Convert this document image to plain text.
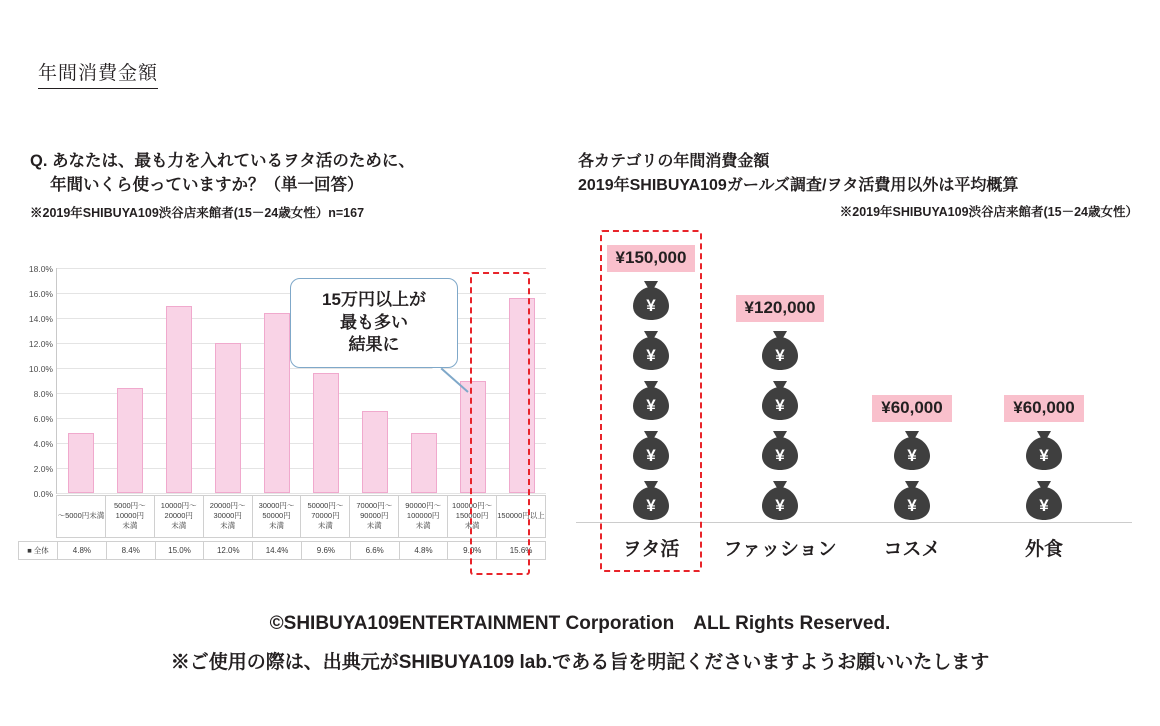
年間消費金額
Q. あなたは、最も力を入れているヲタ活のために、
年間いくら使っていますか？（単一回答）
※2019年SHIBUYA109渋谷店来館者(15－24歳女性）n=167
18.0%
16.0%
14.0%
12.0%
10.0%
8.0%
6.0%
4.0%
2.0%
0.0%
～5000円未満	5000円～
10000円
未満	10000円～
20000円
未満	20000円～
30000円
未満	30000円～
50000円
未満	50000円～
70000円
未満	70000円～
90000円
未満	90000円～
100000円
未満	100000円～
150000円
未満	150000円以上
■ 全体	4.8%	8.4%	15.0%	12.0%	14.4%	9.6%	6.6%	4.8%	9.0%	15.6%
15万円以上が
最も多い
結果に
各カテゴリの年間消費金額
2019年SHIBUYA109ガールズ調査/ヲタ活費用以外は平均概算
※2019年SHIBUYA109渋谷店来館者(15－24歳女性）
¥150,000
¥
¥
¥
¥
¥
ヲタ活
¥120,000
¥
¥
¥
¥
ファッション
¥60,000
¥
¥
コスメ
¥60,000
¥
¥
外食
©SHIBUYA109ENTERTAINMENT Corporation　ALL Rights Reserved.
※ご使用の際は、出典元がSHIBUYA109 lab.である旨を明記くださいますようお願いいたします
